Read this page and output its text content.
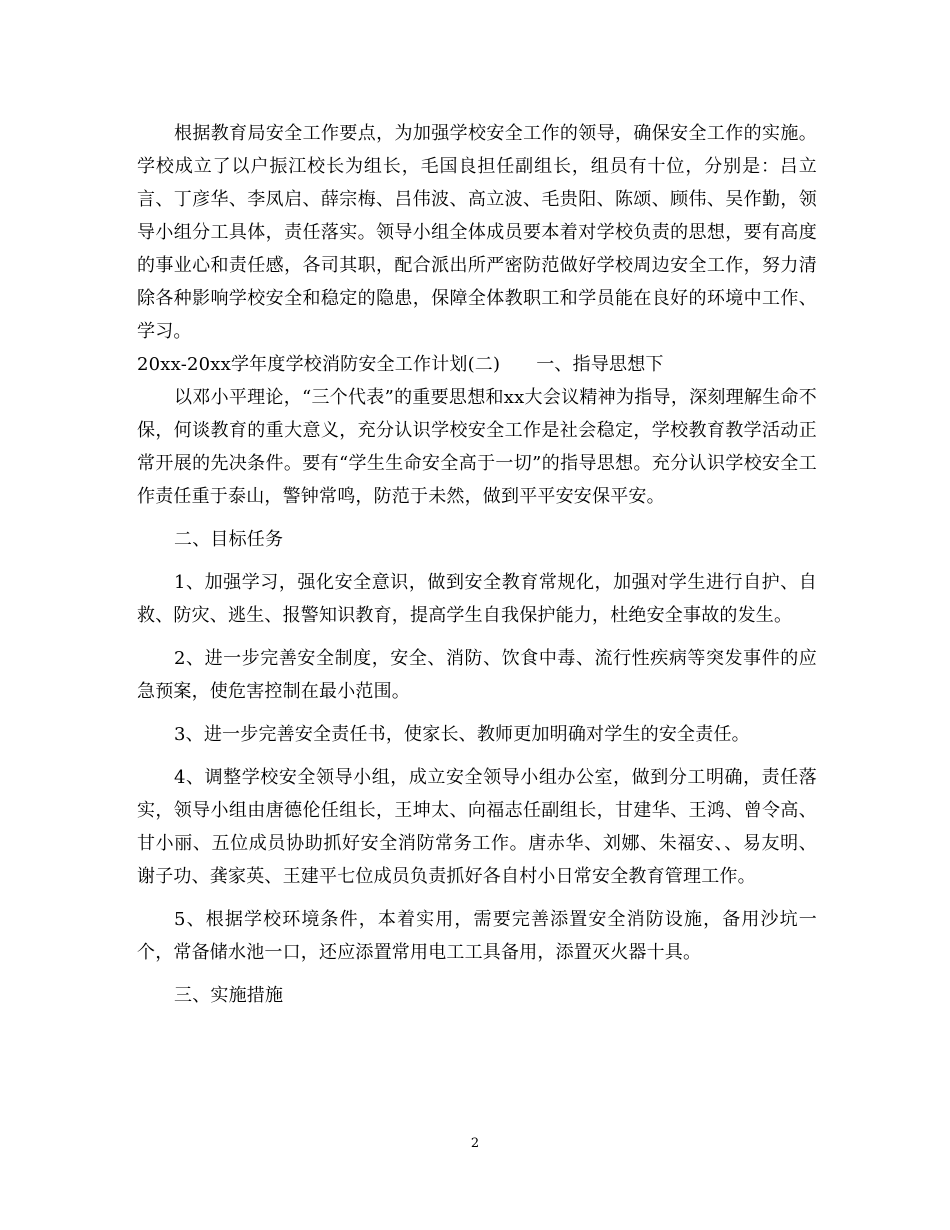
根据教育局安全工作要点，为加强学校安全工作的领导，确保安全工作的实施。学校成立了以户振江校长为组长，毛国良担任副组长，组员有十位，分别是：吕立言、丁彦华、李凤启、薛宗梅、吕伟波、高立波、毛贵阳、陈颂、顾伟、吴作勤，领导小组分工具体，责任落实。领导小组全体成员要本着对学校负责的思想，要有高度的事业心和责任感，各司其职，配合派出所严密防范做好学校周边安全工作，努力清除各种影响学校安全和稳定的隐患，保障全体教职工和学员能在良好的环境中工作、学习。

20xx-20xx学年度学校消防安全工作计划(二) 一、指导思想下

以邓小平理论，“三个代表”的重要思想和xx大会议精神为指导，深刻理解生命不保，何谈教育的重大意义，充分认识学校安全工作是社会稳定，学校教育教学活动正常开展的先决条件。要有“学生生命安全高于一切”的指导思想。充分认识学校安全工作责任重于泰山，警钟常鸣，防范于未然，做到平平安安保平安。

二、目标任务

1、加强学习，强化安全意识，做到安全教育常规化，加强对学生进行自护、自救、防灾、逃生、报警知识教育，提高学生自我保护能力，杜绝安全事故的发生。

2、进一步完善安全制度，安全、消防、饮食中毒、流行性疾病等突发事件的应急预案，使危害控制在最小范围。

3、进一步完善安全责任书，使家长、教师更加明确对学生的安全责任。

4、调整学校安全领导小组，成立安全领导小组办公室，做到分工明确，责任落实，领导小组由唐德伦任组长，王坤太、向福志任副组长，甘建华、王鸿、曾令高、甘小丽、五位成员协助抓好安全消防常务工作。唐赤华、刘娜、朱福安、、易友明、谢子功、龚家英、王建平七位成员负责抓好各自村小日常安全教育管理工作。

5、根据学校环境条件，本着实用，需要完善添置安全消防设施，备用沙坑一个，常备储水池一口，还应添置常用电工工具备用，添置灭火器十具。

三、实施措施

2
